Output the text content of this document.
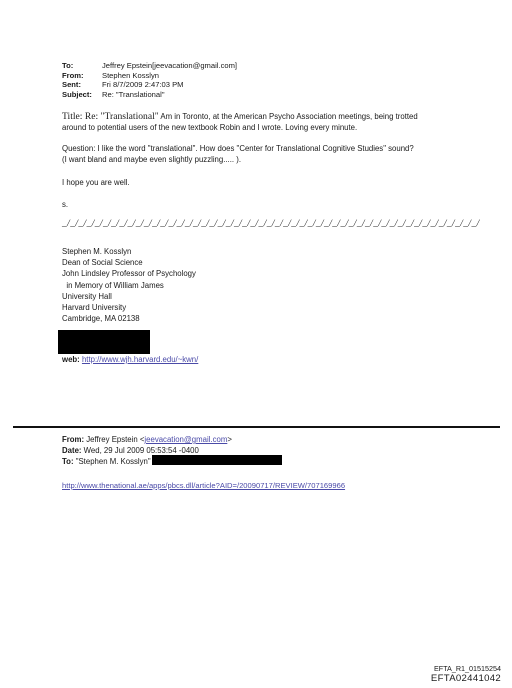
To:	Jeffrey Epstein[jeevacation@gmail.com]
From:	Stephen Kosslyn
Sent:	Fri 8/7/2009 2:47:03 PM
Subject:	Re: "Translational"
Title: Re: "Translational" Am in Toronto, at the American Psycho Association meetings, being trotted
around to potential users of the new textbook Robin and I wrote. Loving every minute.
Question: I like the word "translational". How does "Center for Translational Cognitive Studies" sound?
(I want bland and maybe even slightly puzzling..... ).
I hope you are well.
s.
_/_/_/_/_/_/_/_/_/_/_/_/_/_/_/_/_/_/_/_/_/_/_/_/_/_/_/_/_/_/_/_/_/_/_/_/_/_/_/_/_/_/_/_/_/_/_/_/_/_/_/
Stephen M. Kosslyn
Dean of Social Science
John Lindsley Professor of Psychology
in Memory of William James
University Hall
Harvard University
Cambridge, MA 02138
web: http://www.wjh.harvard.edu/~kwn/
From: Jeffrey Epstein <jeevacation@gmail.com>
Date: Wed, 29 Jul 2009 05:53:54 -0400
To: "Stephen M. Kosslyn"
http://www.thenational.ae/apps/pbcs.dll/article?AID=/20090717/REVIEW/707169966
EFTA_R1_01515254
EFTA02441042
